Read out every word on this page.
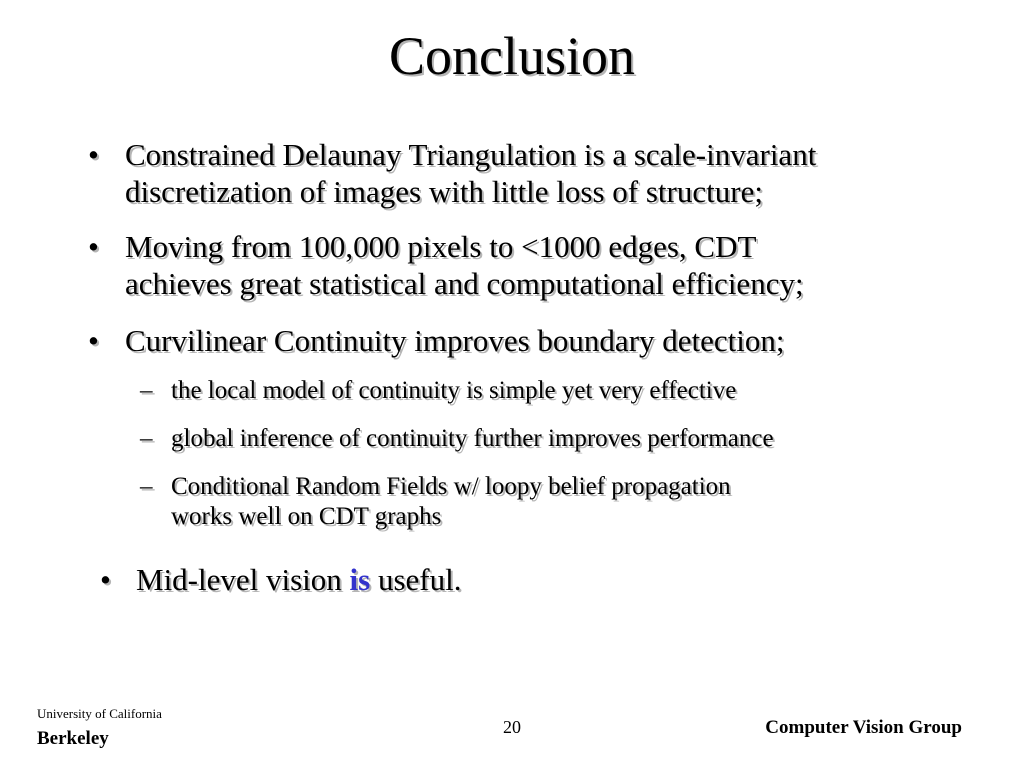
Conclusion
• Constrained Delaunay Triangulation is a scale-invariant
discretization of images with little loss of structure;
• Moving from 100,000 pixels to <1000 edges, CDT
achieves great statistical and computational efficiency;
• Curvilinear Continuity improves boundary detection;
– the local model of continuity is simple yet very effective
– global inference of continuity further improves performance
– Conditional Random Fields w/ loopy belief propagation
works well on CDT graphs
• Mid-level vision is useful.
University of California
Berkeley
20	Computer Vision Group
